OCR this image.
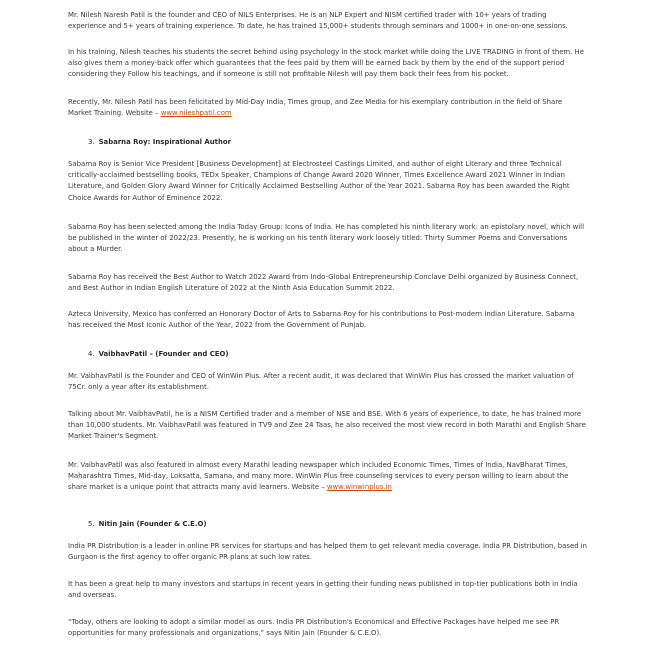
Mr. Nilesh Naresh Patil is the founder and CEO of NILS Enterprises. He is an NLP Expert and NISM certified trader with 10+ years of trading
experience and 5+ years of training experience. To date, he has trained 15,000+ students through seminars and 1000+ in one-on-one sessions.

In his training, Nilesh teaches his students the secret behind using psychology in the stock market while doing the LIVE TRADING in front of them. He
also gives them a money-back offer which guarantees that the fees paid by them will be earned back by them by the end of the support period
considering they Follow his teachings, and if someone is still not profitable Nilesh will pay them back their fees from his pocket.

Recently, Mr. Nilesh Patil has been felicitated by Mid-Day India, Times group, and Zee Media for his exemplary contribution in the field of Share
Market Training. Website – www.nileshpatil.com

3. Sabarna Roy: Inspirational Author

Sabarna Roy is Senior Vice President [Business Development] at Electrosteel Castings Limited, and author of eight Literary and three Technical
critically-acclaimed bestselling books, TEDx Speaker, Champions of Change Award 2020 Winner, Times Excellence Award 2021 Winner in Indian
Literature, and Golden Glory Award Winner for Critically Acclaimed Bestselling Author of the Year 2021. Sabarna Roy has been awarded the Right
Choice Awards for Author of Eminence 2022.

Sabarna Roy has been selected among the India Today Group: Icons of India. He has completed his ninth literary work: an epistolary novel, which will
be published in the winter of 2022/23. Presently, he is working on his tenth literary work loosely titled: Thirty Summer Poems and Conversations
about a Murder.

Sabarna Roy has received the Best Author to Watch 2022 Award from Indo-Global Entrepreneurship Conclave Delhi organized by Business Connect,
and Best Author in Indian English Literature of 2022 at the Ninth Asia Education Summit 2022.

Azteca University, Mexico has conferred an Honorary Doctor of Arts to Sabarna Roy for his contributions to Post-modern Indian Literature. Sabarna
has received the Most Iconic Author of the Year, 2022 from the Government of Punjab.

4. VaibhavPatil – (Founder and CEO)

Mr. VaibhavPatil is the Founder and CEO of WinWin Plus. After a recent audit, it was declared that WinWin Plus has crossed the market valuation of
75Cr. only a year after its establishment.

Talking about Mr. VaibhavPatil, he is a NISM Certified trader and a member of NSE and BSE. With 6 years of experience, to date, he has trained more
than 10,000 students. Mr. VaibhavPatil was featured in TV9 and Zee 24 Taas, he also received the most view record in both Marathi and English Share
Market Trainer's Segment.

Mr. VaibhavPatil was also featured in almost every Marathi leading newspaper which included Economic Times, Times of India, NavBharat Times,
Maharashtra Times, Mid-day, Loksatta, Samana, and many more. WinWin Plus free counseling services to every person willing to learn about the
share market is a unique point that attracts many avid learners. Website – www.winwinplus.in

5. Nitin Jain (Founder & C.E.O)

India PR Distribution is a leader in online PR services for startups and has helped them to get relevant media coverage. India PR Distribution, based in
Gurgaon is the first agency to offer organic PR plans at such low rates.

It has been a great help to many investors and startups in recent years in getting their funding news published in top-tier publications both in India
and overseas.

“Today, others are looking to adopt a similar model as ours. India PR Distribution's Economical and Effective Packages have helped me see PR
opportunities for many professionals and organizations,” says Nitin Jain (Founder & C.E.O).
